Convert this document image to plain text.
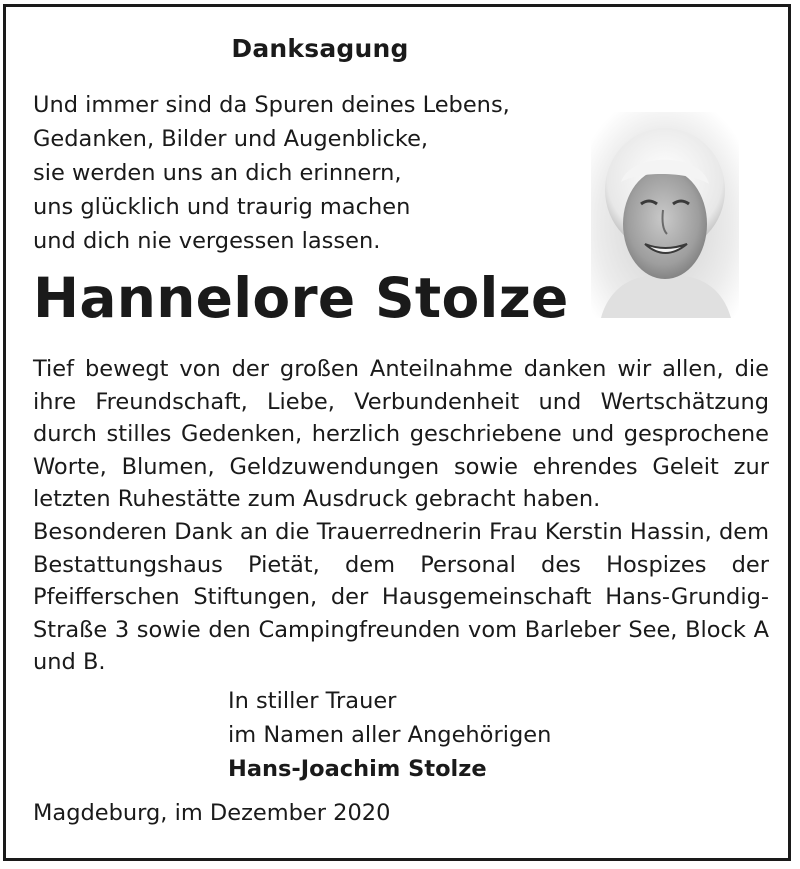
Danksagung
Und immer sind da Spuren deines Lebens,
Gedanken, Bilder und Augenblicke,
sie werden uns an dich erinnern,
uns glücklich und traurig machen
und dich nie vergessen lassen.
Hannelore Stolze
Tief bewegt von der großen Anteilnahme danken wir allen, die ihre Freundschaft, Liebe, Verbundenheit und Wertschätzung durch stilles Gedenken, herzlich geschriebene und gesprochene Worte, Blumen, Geldzuwendungen sowie ehrendes Geleit zur letzten Ruhestätte zum Ausdruck gebracht haben.
Besonderen Dank an die Trauerrednerin Frau Kerstin Hassin, dem Bestattungshaus Pietät, dem Personal des Hospizes der Pfeifferschen Stiftungen, der Hausgemeinschaft Hans-Grundig-Straße 3 sowie den Campingfreunden vom Barleber See, Block A und B.
In stiller Trauer
im Namen aller Angehörigen
Hans-Joachim Stolze
Magdeburg, im Dezember 2020
